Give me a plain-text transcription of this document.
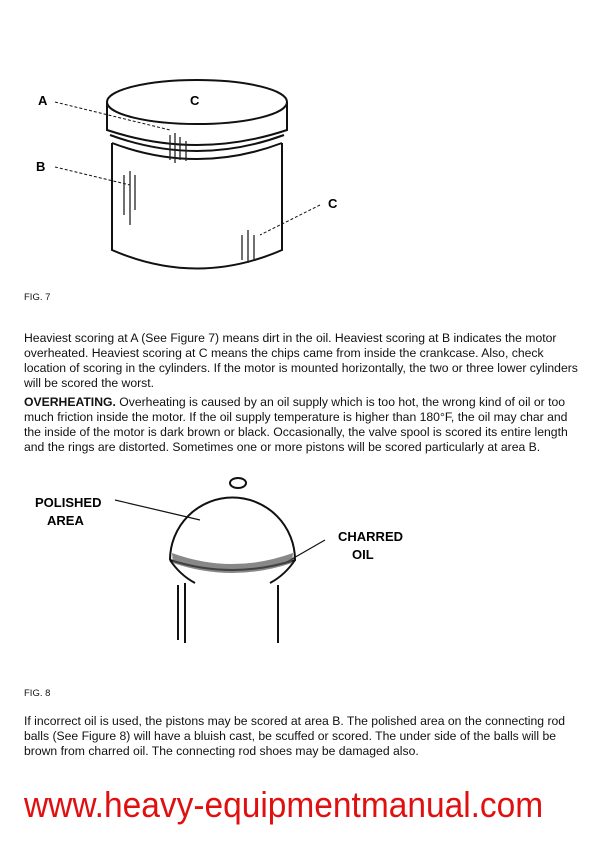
A
B
C
C
FIG. 7

Heaviest scoring at A (See Figure 7) means dirt in the oil. Heaviest scoring at B indicates the motor overheated. Heaviest scoring at C means the chips came from inside the crankcase. Also, check location of scoring in the cylinders. If the motor is mounted horizontally, the two or three lower cylinders will be scored the worst.

OVERHEATING. Overheating is caused by an oil supply which is too hot, the wrong kind of oil or too much friction inside the motor. If the oil supply temperature is higher than 180°F, the oil may char and the inside of the motor is dark brown or black. Occasionally, the valve spool is scored its entire length and the rings are distorted. Sometimes one or more pistons will be scored particularly at area B.

POLISHED
AREA
CHARRED
OIL
FIG. 8

If incorrect oil is used, the pistons may be scored at area B. The polished area on the connecting rod balls (See Figure 8) will have a bluish cast, be scuffed or scored. The under side of the balls will be brown from charred oil. The connecting rod shoes may be damaged also.

www.heavy-equipmentmanual.com
